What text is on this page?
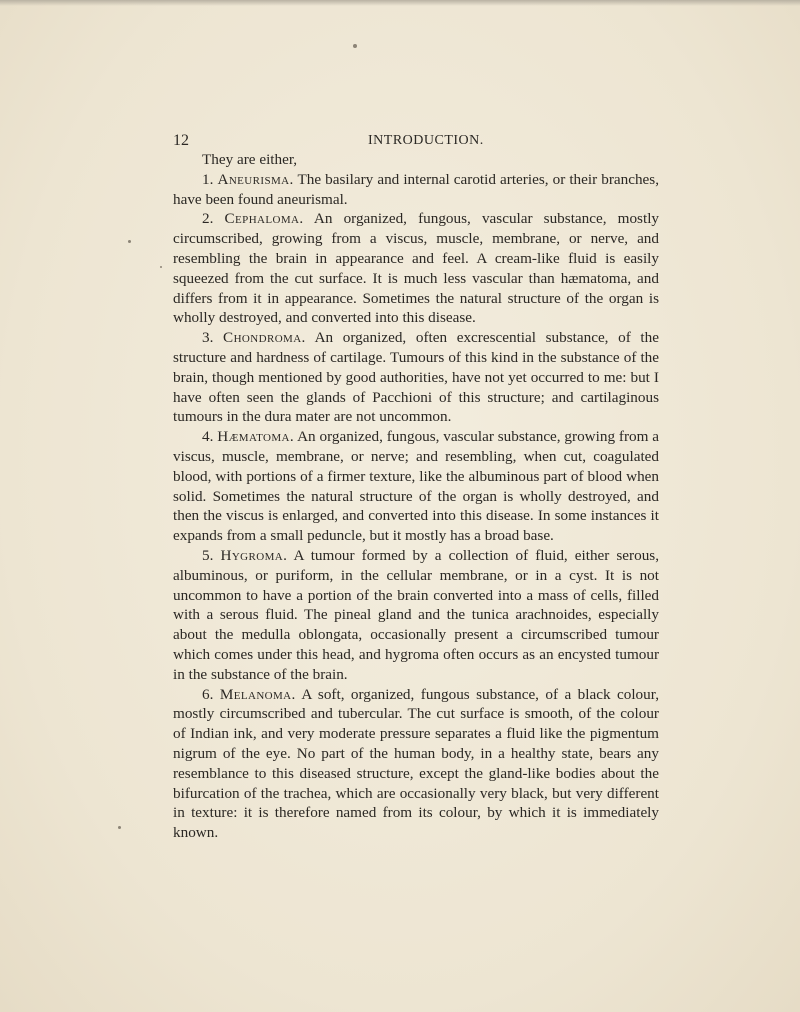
12	INTRODUCTION.

They are either,

1. Aneurisma. The basilary and internal carotid arteries, or their branches, have been found aneurismal.

2. Cephaloma. An organized, fungous, vascular substance, mostly circumscribed, growing from a viscus, muscle, membrane, or nerve, and resembling the brain in appearance and feel. A cream-like fluid is easily squeezed from the cut surface. It is much less vascular than hæmatoma, and differs from it in appearance. Sometimes the natural structure of the organ is wholly destroyed, and converted into this disease.

3. Chondroma. An organized, often excrescential substance, of the structure and hardness of cartilage. Tumours of this kind in the substance of the brain, though mentioned by good authorities, have not yet occurred to me: but I have often seen the glands of Pacchioni of this structure; and cartilaginous tumours in the dura mater are not uncommon.

4. Hæmatoma. An organized, fungous, vascular substance, growing from a viscus, muscle, membrane, or nerve; and resembling, when cut, coagulated blood, with portions of a firmer texture, like the albuminous part of blood when solid. Sometimes the natural structure of the organ is wholly destroyed, and then the viscus is enlarged, and converted into this disease. In some instances it expands from a small peduncle, but it mostly has a broad base.

5. Hygroma. A tumour formed by a collection of fluid, either serous, albuminous, or puriform, in the cellular membrane, or in a cyst. It is not uncommon to have a portion of the brain converted into a mass of cells, filled with a serous fluid. The pineal gland and the tunica arachnoides, especially about the medulla oblongata, occasionally present a circumscribed tumour which comes under this head, and hygroma often occurs as an encysted tumour in the substance of the brain.

6. Melanoma. A soft, organized, fungous substance, of a black colour, mostly circumscribed and tubercular. The cut surface is smooth, of the colour of Indian ink, and very moderate pressure separates a fluid like the pigmentum nigrum of the eye. No part of the human body, in a healthy state, bears any resemblance to this diseased structure, except the gland-like bodies about the bifurcation of the trachea, which are occasionally very black, but very different in texture: it is therefore named from its colour, by which it is immediately known.
